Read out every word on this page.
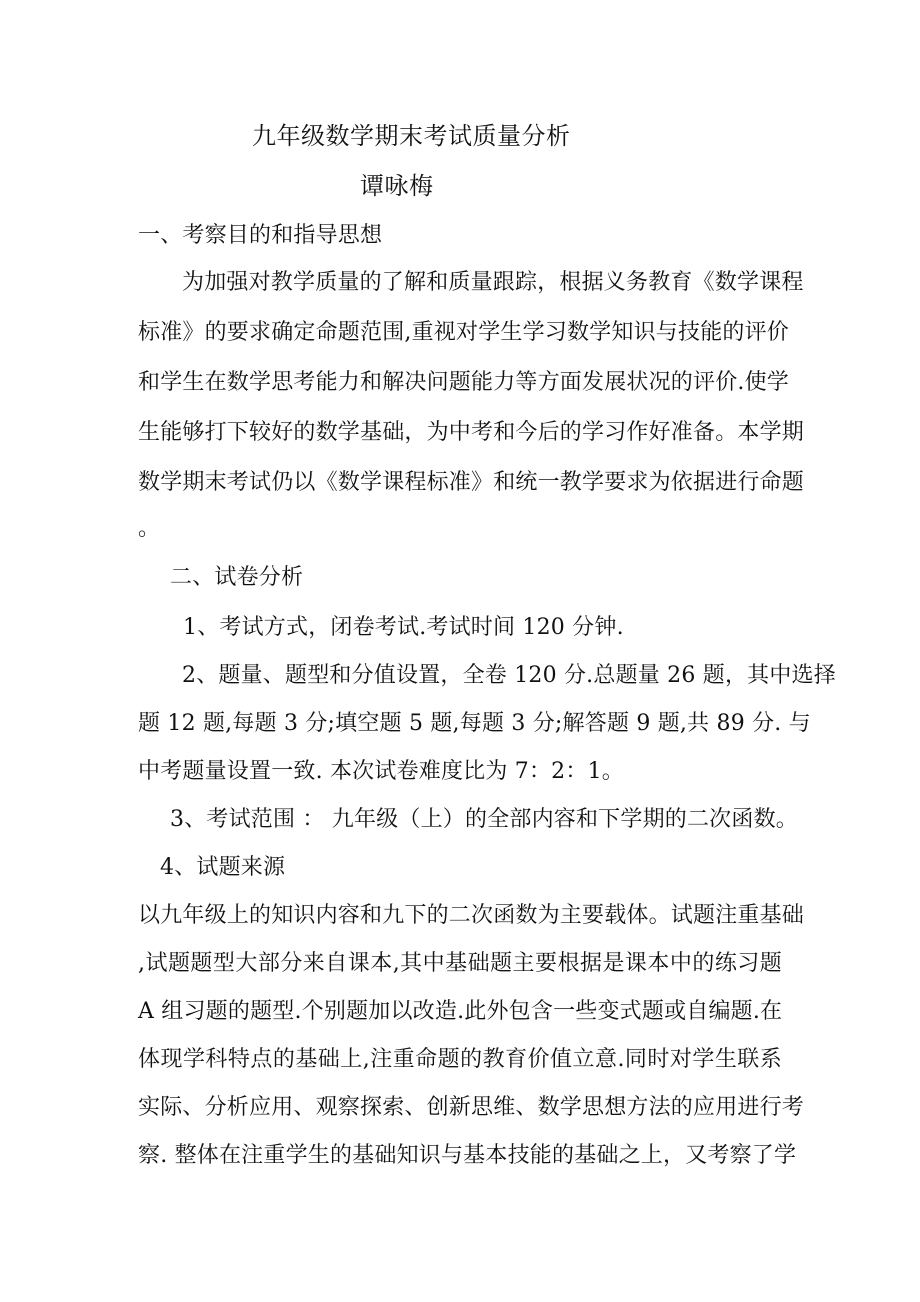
九年级数学期末考试质量分析
谭咏梅
一、考察目的和指导思想
为加强对教学质量的了解和质量跟踪，根据义务教育《数学课程
标准》的要求确定命题范围,重视对学生学习数学知识与技能的评价
和学生在数学思考能力和解决问题能力等方面发展状况的评价.使学
生能够打下较好的数学基础，为中考和今后的学习作好准备。本学期
数学期末考试仍以《数学课程标准》和统一教学要求为依据进行命题
。
二、试卷分析
1、考试方式，闭卷考试.考试时间 120 分钟.
2、题量、题型和分值设置，全卷 120 分.总题量 26 题，其中选择
题 12 题,每题 3 分;填空题 5 题,每题 3 分;解答题 9 题,共 89 分. 与
中考题量设置一致. 本次试卷难度比为 7：2：1。
3、考试范围 ： 九年级（上）的全部内容和下学期的二次函数。
4、试题来源
以九年级上的知识内容和九下的二次函数为主要载体。试题注重基础
,试题题型大部分来自课本,其中基础题主要根据是课本中的练习题
A 组习题的题型.个别题加以改造.此外包含一些变式题或自编题.在
体现学科特点的基础上,注重命题的教育价值立意.同时对学生联系
实际、分析应用、观察探索、创新思维、数学思想方法的应用进行考
察. 整体在注重学生的基础知识与基本技能的基础之上，又考察了学
